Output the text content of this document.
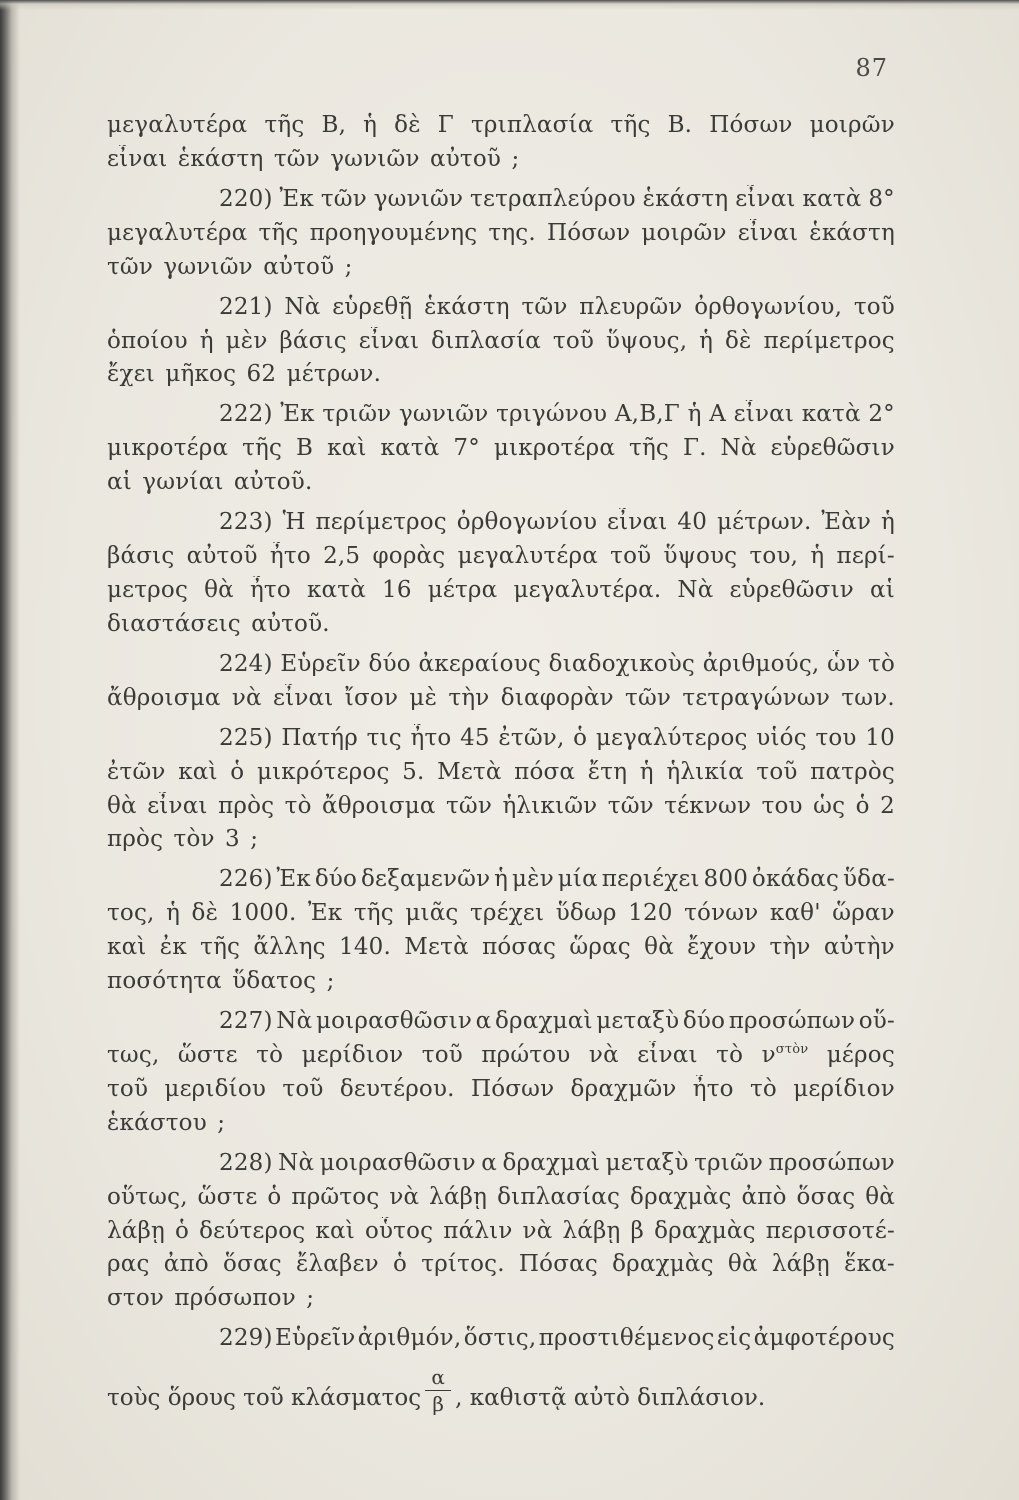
87
μεγαλυτέρα τῆς Β, ἡ δὲ Γ τριπλασία τῆς Β. Πόσων μοιρῶν
εἶναι ἑκάστη τῶν γωνιῶν αὐτοῦ ;
220) Ἐκ τῶν γωνιῶν τετραπλεύρου ἑκάστη εἶναι κατὰ 8°
μεγαλυτέρα τῆς προηγουμένης της. Πόσων μοιρῶν εἶναι ἑκάστη
τῶν γωνιῶν αὐτοῦ ;
221) Νὰ εὑρεθῇ ἑκάστη τῶν πλευρῶν ὀρθογωνίου, τοῦ
ὁποίου ἡ μὲν βάσις εἶναι διπλασία τοῦ ὕψους, ἡ δὲ περίμετρος
ἔχει μῆκος 62 μέτρων.
222) Ἐκ τριῶν γωνιῶν τριγώνου Α,Β,Γ ἡ Α εἶναι κατὰ 2°
μικροτέρα τῆς Β καὶ κατὰ 7° μικροτέρα τῆς Γ. Νὰ εὑρεθῶσιν
αἱ γωνίαι αὐτοῦ.
223) Ἡ περίμετρος ὀρθογωνίου εἶναι 40 μέτρων. Ἐὰν ἡ
βάσις αὐτοῦ ἦτο 2,5 φορὰς μεγαλυτέρα τοῦ ὕψους του, ἡ περί-
μετρος θὰ ἦτο κατὰ 16 μέτρα μεγαλυτέρα. Νὰ εὑρεθῶσιν αἱ
διαστάσεις αὐτοῦ.
224) Εὑρεῖν δύο ἀκεραίους διαδοχικοὺς ἀριθμούς, ὧν τὸ
ἄθροισμα νὰ εἶναι ἴσον μὲ τὴν διαφορὰν τῶν τετραγώνων των.
225) Πατήρ τις ἦτο 45 ἐτῶν, ὁ μεγαλύτερος υἱός του 10
ἐτῶν καὶ ὁ μικρότερος 5. Μετὰ πόσα ἔτη ἡ ἡλικία τοῦ πατρὸς
θὰ εἶναι πρὸς τὸ ἄθροισμα τῶν ἡλικιῶν τῶν τέκνων του ὡς ὁ 2
πρὸς τὸν 3 ;
226) Ἐκ δύο δεξαμενῶν ἡ μὲν μία περιέχει 800 ὀκάδας ὕδα-
τος, ἡ δὲ 1000. Ἐκ τῆς μιᾶς τρέχει ὕδωρ 120 τόνων καθ' ὥραν
καὶ ἐκ τῆς ἄλλης 140. Μετὰ πόσας ὥρας θὰ ἔχουν τὴν αὐτὴν
ποσότητα ὕδατος ;
227) Νὰ μοιρασθῶσιν α δραχμαὶ μεταξὺ δύο προσώπων οὕ-
τως, ὥστε τὸ μερίδιον τοῦ πρώτου νὰ εἶναι τὸ $\nu^{\sigma\tau ὸ\nu}$ μέρος
τοῦ μεριδίου τοῦ δευτέρου. Πόσων δραχμῶν ἦτο τὸ μερίδιον
ἑκάστου ;
228) Νὰ μοιρασθῶσιν α δραχμαὶ μεταξὺ τριῶν προσώπων
οὕτως, ὥστε ὁ πρῶτος νὰ λάβῃ διπλασίας δραχμὰς ἀπὸ ὅσας θὰ
λάβῃ ὁ δεύτερος καὶ οὗτος πάλιν νὰ λάβῃ β δραχμὰς περισσοτέ-
ρας ἀπὸ ὅσας ἔλαβεν ὁ τρίτος. Πόσας δραχμὰς θὰ λάβῃ ἕκα-
στον πρόσωπον ;
229) Εὑρεῖν ἀριθμόν, ὅστις, προστιθέμενος εἰς ἀμφοτέρους
τοὺς ὅρους τοῦ κλάσματος
α
β , καθιστᾷ αὐτὸ διπλάσιον.
